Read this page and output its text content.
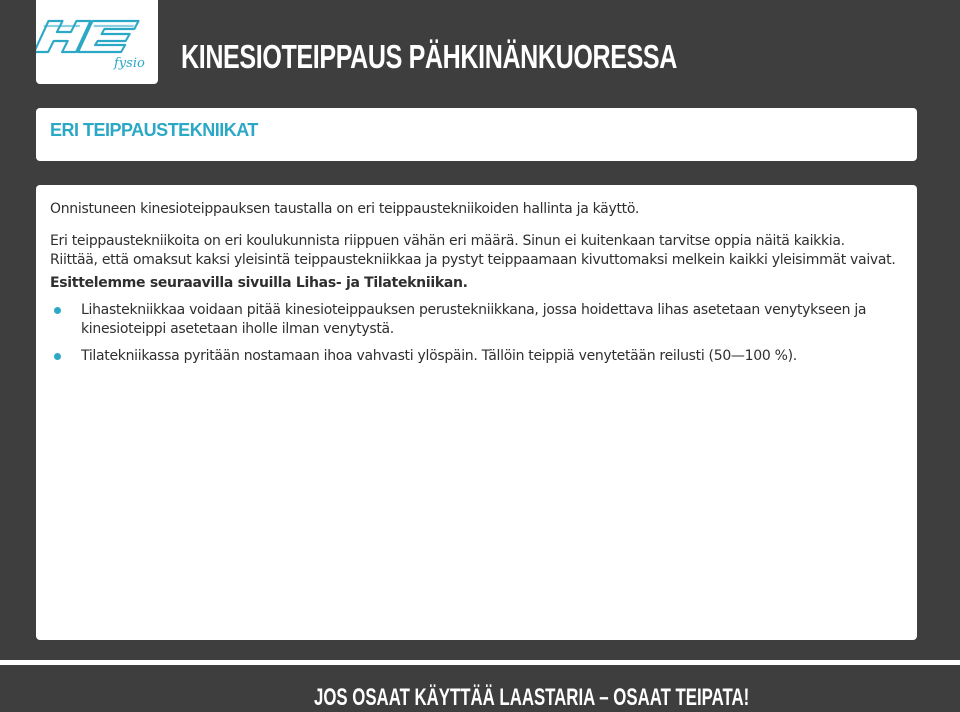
fysio KINESIOTEIPPAUS PÄHKINÄNKUORESSA
ERI TEIPPAUSTEKNIIKAT

Onnistuneen kinesioteippauksen taustalla on eri teippaustekniikoiden hallinta ja käyttö.

Eri teippaustekniikoita on eri koulukunnista riippuen vähän eri määrä. Sinun ei kuitenkaan tarvitse oppia näitä kaikkia.

Riittää, että omaksut kaksi yleisintä teippaustekniikkaa ja pystyt teippaamaan kivuttomaksi melkein kaikki yleisimmät vaivat.

Esittelemme seuraavilla sivuilla Lihas- ja Tilatekniikan.

Lihastekniikkaa voidaan pitää kinesioteippauksen perustekniikkana, jossa hoidettava lihas asetetaan venytykseen ja kinesioteippi asetetaan iholle ilman venytystä.
Tilatekniikassa pyritään nostamaan ihoa vahvasti ylöspäin. Tällöin teippiä venytetään reilusti (50—100 %).
JOS OSAAT KÄYTTÄÄ LAASTARIA – OSAAT TEIPATA!
